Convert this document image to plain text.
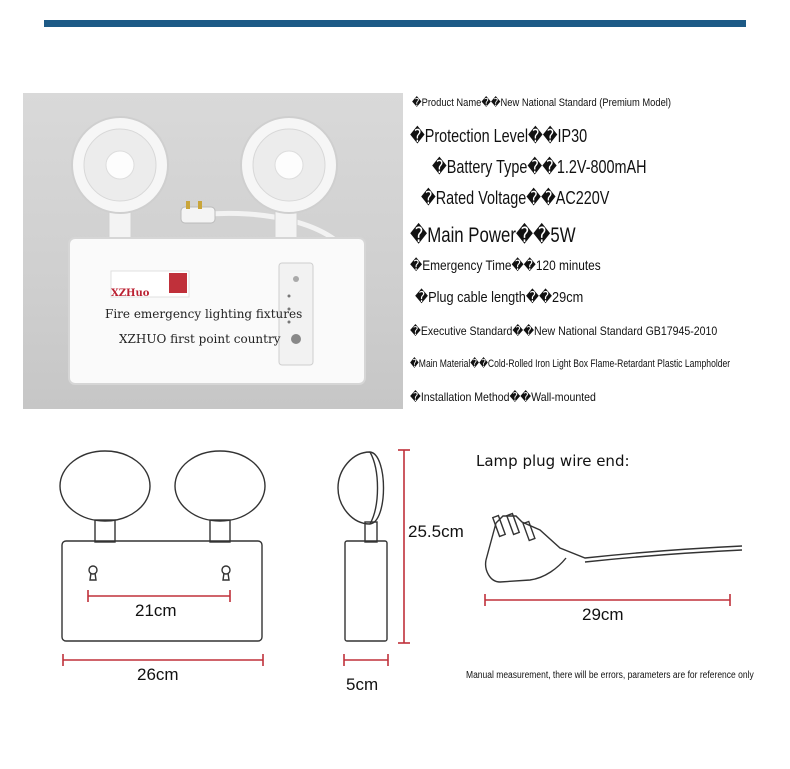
XZHuo
Fire emergency lighting fixtures
XZHUO first point country
�Product Name��New National Standard (Premium Model)
�Protection Level��IP30
�Battery Type��1.2V-800mAH
�Rated Voltage��AC220V
�Main Power��5W
�Emergency Time��120 minutes
�Plug cable length��29cm
�Executive Standard��New National Standard GB17945-2010
�Main Material��Cold-Rolled Iron Light Box Flame-Retardant Plastic Lampholder
�Installation Method��Wall-mounted
21cm
26cm
25.5cm
5cm
29cm
Lamp plug wire end:
Manual measurement, there will be errors, parameters are for reference only
